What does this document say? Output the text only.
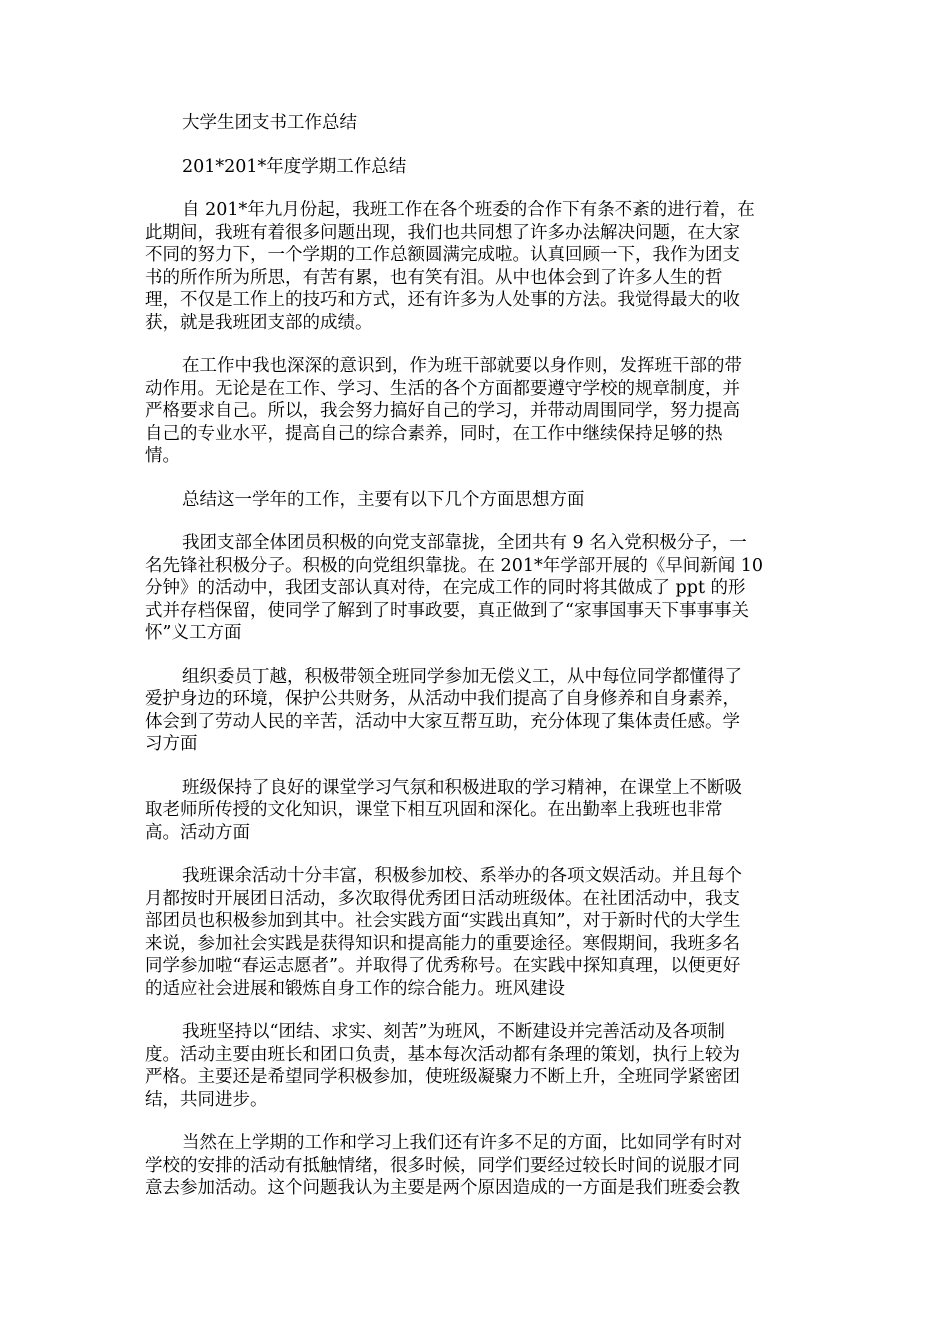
大学生团支书工作总结
201*201*年度学期工作总结
自 201*年九月份起，我班工作在各个班委的合作下有条不紊的进行着，在
此期间，我班有着很多问题出现，我们也共同想了许多办法解决问题，在大家
不同的努力下，一个学期的工作总额圆满完成啦。认真回顾一下，我作为团支
书的所作所为所思，有苦有累，也有笑有泪。从中也体会到了许多人生的哲
理，不仅是工作上的技巧和方式，还有许多为人处事的方法。我觉得最大的收
获，就是我班团支部的成绩。
在工作中我也深深的意识到，作为班干部就要以身作则，发挥班干部的带
动作用。无论是在工作、学习、生活的各个方面都要遵守学校的规章制度，并
严格要求自己。所以，我会努力搞好自己的学习，并带动周围同学，努力提高
自己的专业水平，提高自己的综合素养，同时，在工作中继续保持足够的热
情。
总结这一学年的工作，主要有以下几个方面思想方面
我团支部全体团员积极的向党支部靠拢，全团共有 9 名入党积极分子，一
名先锋社积极分子。积极的向党组织靠拢。在 201*年学部开展的《早间新闻 10
分钟》的活动中，我团支部认真对待，在完成工作的同时将其做成了 ppt 的形
式并存档保留，使同学了解到了时事政要，真正做到了“家事国事天下事事事关
怀”义工方面
组织委员丁越，积极带领全班同学参加无偿义工，从中每位同学都懂得了
爱护身边的环境，保护公共财务，从活动中我们提高了自身修养和自身素养，
体会到了劳动人民的辛苦，活动中大家互帮互助，充分体现了集体责任感。学
习方面
班级保持了良好的课堂学习气氛和积极进取的学习精神，在课堂上不断吸
取老师所传授的文化知识，课堂下相互巩固和深化。在出勤率上我班也非常
高。活动方面
我班课余活动十分丰富，积极参加校、系举办的各项文娱活动。并且每个
月都按时开展团日活动，多次取得优秀团日活动班级体。在社团活动中，我支
部团员也积极参加到其中。社会实践方面“实践出真知”，对于新时代的大学生
来说，参加社会实践是获得知识和提高能力的重要途径。寒假期间，我班多名
同学参加啦“春运志愿者”。并取得了优秀称号。在实践中探知真理，以便更好
的适应社会进展和锻炼自身工作的综合能力。班风建设
我班坚持以“团结、求实、刻苦”为班风，不断建设并完善活动及各项制
度。活动主要由班长和团口负责，基本每次活动都有条理的策划，执行上较为
严格。主要还是希望同学积极参加，使班级凝聚力不断上升，全班同学紧密团
结，共同进步。
当然在上学期的工作和学习上我们还有许多不足的方面，比如同学有时对
学校的安排的活动有抵触情绪，很多时候，同学们要经过较长时间的说服才同
意去参加活动。这个问题我认为主要是两个原因造成的一方面是我们班委会教
